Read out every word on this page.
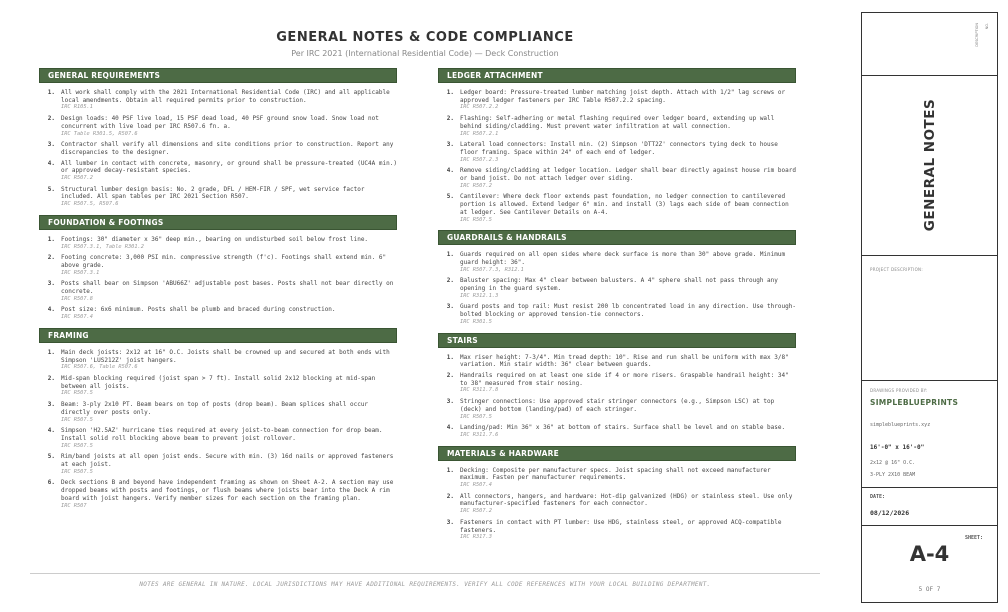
GENERAL NOTES & CODE COMPLIANCE
Per IRC 2021 (International Residential Code) — Deck Construction
GENERAL REQUIREMENTS
1.	All work shall comply with the 2021 International Residential Code (IRC) and all applicable local amendments. Obtain all required permits prior to construction.
IRC R105.1
2.	Design loads: 40 PSF live load, 15 PSF dead load, 40 PSF ground snow load. Snow load not concurrent with live load per IRC R507.6 fn. a.
IRC Table R301.5, R507.6
3.	Contractor shall verify all dimensions and site conditions prior to construction. Report any discrepancies to the designer.
4.	All lumber in contact with concrete, masonry, or ground shall be pressure-treated (UC4A min.) or approved decay-resistant species.
IRC R507.2
5.	Structural lumber design basis: No. 2 grade, DFL / HEM-FIR / SPF, wet service factor included. All span tables per IRC 2021 Section R507.
IRC R507.5, R507.6
FOUNDATION & FOOTINGS
1.	Footings: 30" diameter x 36" deep min., bearing on undisturbed soil below frost line.
IRC R507.3.1, Table R301.2
2.	Footing concrete: 3,000 PSI min. compressive strength (f'c). Footings shall extend min. 6" above grade.
IRC R507.3.1
3.	Posts shall bear on Simpson 'ABU66Z' adjustable post bases. Posts shall not bear directly on concrete.
IRC R507.8
4.	Post size: 6x6 minimum. Posts shall be plumb and braced during construction.
IRC R507.4
FRAMING
1.	Main deck joists: 2x12 at 16" O.C. Joists shall be crowned up and secured at both ends with Simpson 'LUS212Z' joist hangers.
IRC R507.6, Table R507.6
2.	Mid-span blocking required (joist span > 7 ft). Install solid 2x12 blocking at mid-span between all joists.
IRC R507.5
3.	Beam: 3-ply 2x10 PT. Beam bears on top of posts (drop beam). Beam splices shall occur directly over posts only.
IRC R507.5
4.	Simpson 'H2.5AZ' hurricane ties required at every joist-to-beam connection for drop beam. Install solid roll blocking above beam to prevent joist rollover.
IRC R507.5
5.	Rim/band joists at all open joist ends. Secure with min. (3) 16d nails or approved fasteners at each joist.
IRC R507.5
6.	Deck sections B and beyond have independent framing as shown on Sheet A-2. A section may use dropped beams with posts and footings, or flush beams where joists bear into the Deck A rim board with joist hangers. Verify member sizes for each section on the framing plan.
IRC R507
LEDGER ATTACHMENT
1.	Ledger board: Pressure-treated lumber matching joist depth. Attach with 1/2" lag screws or approved ledger fasteners per IRC Table R507.2.2 spacing.
IRC R507.2.2
2.	Flashing: Self-adhering or metal flashing required over ledger board, extending up wall behind siding/cladding. Must prevent water infiltration at wall connection.
IRC R507.2.1
3.	Lateral load connectors: Install min. (2) Simpson 'DTT2Z' connectors tying deck to house floor framing. Space within 24" of each end of ledger.
IRC R507.2.3
4.	Remove siding/cladding at ledger location. Ledger shall bear directly against house rim board or band joist. Do not attach ledger over siding.
IRC R507.2
5.	Cantilever: Where deck floor extends past foundation, no ledger connection to cantilevered portion is allowed. Extend ledger 6" min. and install (3) lags each side of beam connection at ledger. See Cantilever Details on A-4.
IRC R507.5
GUARDRAILS & HANDRAILS
1.	Guards required on all open sides where deck surface is more than 30" above grade. Minimum guard height: 36".
IRC R507.7.3, R312.1
2.	Baluster spacing: Max 4" clear between balusters. A 4" sphere shall not pass through any opening in the guard system.
IRC R312.1.3
3.	Guard posts and top rail: Must resist 200 lb concentrated load in any direction. Use through-bolted blocking or approved tension-tie connectors.
IRC R301.5
STAIRS
1.	Max riser height: 7-3/4". Min tread depth: 10". Rise and run shall be uniform with max 3/8" variation. Min stair width: 36" clear between guards.
2.	Handrails required on at least one side if 4 or more risers. Graspable handrail height: 34" to 38" measured from stair nosing.
IRC R311.7.8
3.	Stringer connections: Use approved stair stringer connectors (e.g., Simpson LSC) at top (deck) and bottom (landing/pad) of each stringer.
IRC R507.5
4.	Landing/pad: Min 36" x 36" at bottom of stairs. Surface shall be level and on stable base.
IRC R311.7.6
MATERIALS & HARDWARE
1.	Decking: Composite per manufacturer specs. Joist spacing shall not exceed manufacturer maximum. Fasten per manufacturer requirements.
IRC R507.4
2.	All connectors, hangers, and hardware: Hot-dip galvanized (HDG) or stainless steel. Use only manufacturer-specified fasteners for each connector.
IRC R507.2
3.	Fasteners in contact with PT lumber: Use HDG, stainless steel, or approved ACQ-compatible fasteners.
IRC R317.3
NOTES ARE GENERAL IN NATURE. LOCAL JURISDICTIONS MAY HAVE ADDITIONAL REQUIREMENTS. VERIFY ALL CODE REFERENCES WITH YOUR LOCAL BUILDING DEPARTMENT.
DESCRIPTION NO.
GENERAL NOTES
PROJECT DESCRIPTION:
DRAWINGS PROVIDED BY:
SIMPLEBLUEPRINTS
simpleblueprints.xyz
16'-0" x 16'-0"
2x12 @ 16" O.C.
3-PLY 2X10 BEAM
DATE:
08/12/2026
SHEET:
A-4
5 OF 7
